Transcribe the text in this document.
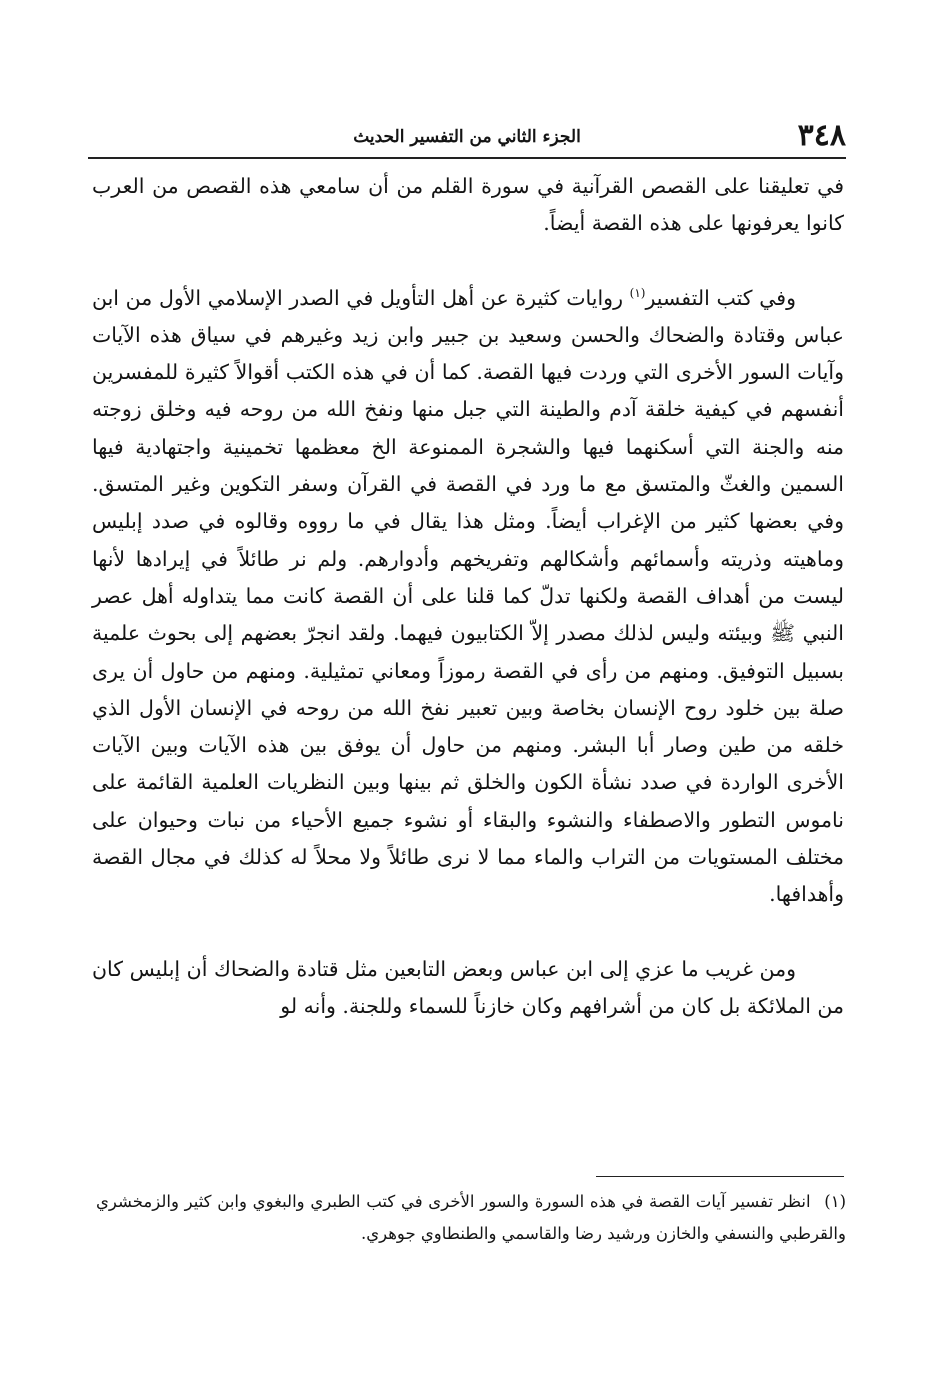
٣٤٨
الجزء الثاني من التفسير الحديث

في تعليقنا على القصص القرآنية في سورة القلم من أن سامعي هذه القصص من العرب كانوا يعرفونها على هذه القصة أيضاً.

وفي كتب التفسير$^{(١)}$ روايات كثيرة عن أهل التأويل في الصدر الإسلامي الأول من ابن عباس وقتادة والضحاك والحسن وسعيد بن جبير وابن زيد وغيرهم في سياق هذه الآيات وآيات السور الأخرى التي وردت فيها القصة. كما أن في هذه الكتب أقوالاً كثيرة للمفسرين أنفسهم في كيفية خلقة آدم والطينة التي جبل منها ونفخ الله من روحه فيه وخلق زوجته منه والجنة التي أسكنهما فيها والشجرة الممنوعة الخ معظمها تخمينية واجتهادية فيها السمين والغثّ والمتسق مع ما ورد في القصة في القرآن وسفر التكوين وغير المتسق. وفي بعضها كثير من الإغراب أيضاً. ومثل هذا يقال في ما رووه وقالوه في صدد إبليس وماهيته وذريته وأسمائهم وأشكالهم وتفريخهم وأدوارهم. ولم نر طائلاً في إيرادها لأنها ليست من أهداف القصة ولكنها تدلّ كما قلنا على أن القصة كانت مما يتداوله أهل عصر النبي ﷺ وبيئته وليس لذلك مصدر إلاّ الكتابيون فيهما. ولقد انجرّ بعضهم إلى بحوث علمية بسبيل التوفيق. ومنهم من رأى في القصة رموزاً ومعاني تمثيلية. ومنهم من حاول أن يرى صلة بين خلود روح الإنسان بخاصة وبين تعبير نفخ الله من روحه في الإنسان الأول الذي خلقه من طين وصار أبا البشر. ومنهم من حاول أن يوفق بين هذه الآيات وبين الآيات الأخرى الواردة في صدد نشأة الكون والخلق ثم بينها وبين النظريات العلمية القائمة على ناموس التطور والاصطفاء والنشوء والبقاء أو نشوء جميع الأحياء من نبات وحيوان على مختلف المستويات من التراب والماء مما لا نرى طائلاً ولا محلاً له كذلك في مجال القصة وأهدافها.

ومن غريب ما عزي إلى ابن عباس وبعض التابعين مثل قتادة والضحاك أن إبليس كان من الملائكة بل كان من أشرافهم وكان خازناً للسماء وللجنة. وأنه لو

(١) انظر تفسير آيات القصة في هذه السورة والسور الأخرى في كتب الطبري والبغوي وابن كثير والزمخشري والقرطبي والنسفي والخازن ورشيد رضا والقاسمي والطنطاوي جوهري.
